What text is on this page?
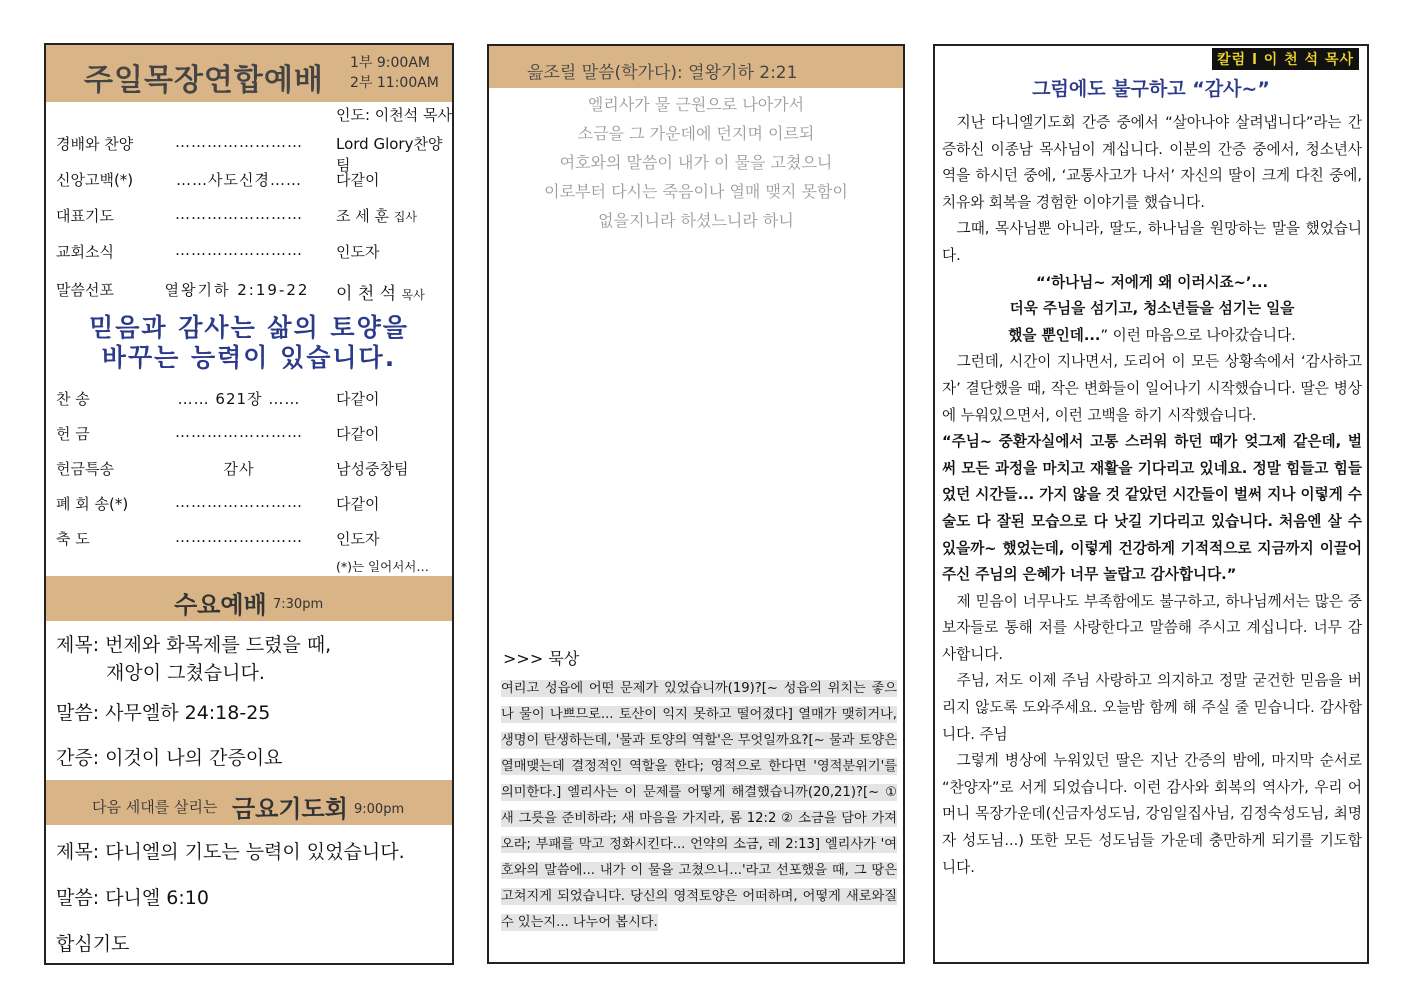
주일목장연합예배 1부 9:00AM
2부 11:00AM
인도: 이천석 목사
경배와 찬양	…………………… Lord Glory찬양팀
신앙고백(*)	……사도신경…… 다같이
대표기도	…………………… 조 세 훈 집사
교회소식	…………………… 인도자
말씀선포	열왕기하 2:19-22	이 천 석 목사
믿음과 감사는 삶의 토양을
바꾸는 능력이 있습니다.
찬 송	…… 621장 …… 다같이
헌 금	…………………… 다같이
헌금특송	감사	남성중창팀
폐 회 송(*)	…………………… 다같이
축 도	…………………… 인도자
(*)는 일어서서…
수요예배 7:30pm
제목: 번제와 화목제를 드렸을 때,
재앙이 그쳤습니다.
말씀: 사무엘하 24:18-25
간증: 이것이 나의 간증이요
다음 세대를 살리는 금요기도회 9:00pm
제목: 다니엘의 기도는 능력이 있었습니다.
말씀: 다니엘 6:10
합심기도
읊조릴 말씀(학가다): 열왕기하 2:21
엘리사가 물 근원으로 나아가서
소금을 그 가운데에 던지며 이르되
여호와의 말씀이 내가 이 물을 고쳤으니
이로부터 다시는 죽음이나 열매 맺지 못함이
없을지니라 하셨느니라 하니
>>> 묵상
여리고 성읍에 어떤 문제가 있었습니까(19)?[~ 성읍의 위치는 좋으나 물이 나쁘므로... 토산이 익지 못하고 떨어졌다] 열매가 맺히거나, 생명이 탄생하는데, '물과 토양의 역할'은 무엇일까요?[~ 물과 토양은 열매맺는데 결정적인 역할을 한다; 영적으로 한다면 '영적분위기'를 의미한다.] 엘리사는 이 문제를 어떻게 해결했습니까(20,21)?[~ ① 새 그릇을 준비하라; 새 마음을 가지라, 롬 12:2 ② 소금을 담아 가져오라; 부패를 막고 정화시킨다... 언약의 소금, 레 2:13] 엘리사가 '여호와의 말씀에... 내가 이 물을 고쳤으니...'라고 선포했을 때, 그 땅은 고쳐지게 되었습니다. 당신의 영적토양은 어떠하며, 어떻게 새로와질 수 있는지... 나누어 봅시다.
칼럼 l 이 천 석 목사
그럼에도 불구하고 “감사~”

지난 다니엘기도회 간증 중에서 “살아나야 살려냅니다”라는 간증하신 이종남 목사님이 계십니다. 이분의 간증 중에서, 청소년사역을 하시던 중에, ‘교통사고가 나서’ 자신의 딸이 크게 다친 중에, 치유와 회복을 경험한 이야기를 했습니다.

그때, 목사님뿐 아니라, 딸도, 하나님을 원망하는 말을 했었습니다.

“‘하나님~ 저에게 왜 이러시죠~’...

더욱 주님을 섬기고, 청소년들을 섬기는 일을

했을 뿐인데...” 이런 마음으로 나아갔습니다.

그런데, 시간이 지나면서, 도리어 이 모든 상황속에서 ‘감사하고자’ 결단했을 때, 작은 변화들이 일어나기 시작했습니다. 딸은 병상에 누워있으면서, 이런 고백을 하기 시작했습니다.

“주님~ 중환자실에서 고통 스러워 하던 때가 엊그제 같은데, 벌써 모든 과정을 마치고 재활을 기다리고 있네요. 정말 힘들고 힘들었던 시간들... 가지 않을 것 같았던 시간들이 벌써 지나 이렇게 수술도 다 잘된 모습으로 다 낫길 기다리고 있습니다. 처음엔 살 수 있을까~ 했었는데, 이렇게 건강하게 기적적으로 지금까지 이끌어 주신 주님의 은혜가 너무 놀랍고 감사합니다.”

제 믿음이 너무나도 부족함에도 불구하고, 하나님께서는 많은 중보자들로 통해 저를 사랑한다고 말씀해 주시고 계십니다. 너무 감사합니다.

주님, 저도 이제 주님 사랑하고 의지하고 정말 굳건한 믿음을 버리지 않도록 도와주세요. 오늘밤 함께 해 주실 줄 믿습니다. 감사합니다. 주님

그렇게 병상에 누워있던 딸은 지난 간증의 밤에, 마지막 순서로 “찬양자”로 서게 되었습니다. 이런 감사와 회복의 역사가, 우리 어머니 목장가운데(신금자성도님, 강임일집사님, 김정숙성도님, 최명자 성도님...) 또한 모든 성도님들 가운데 충만하게 되기를 기도합니다.
